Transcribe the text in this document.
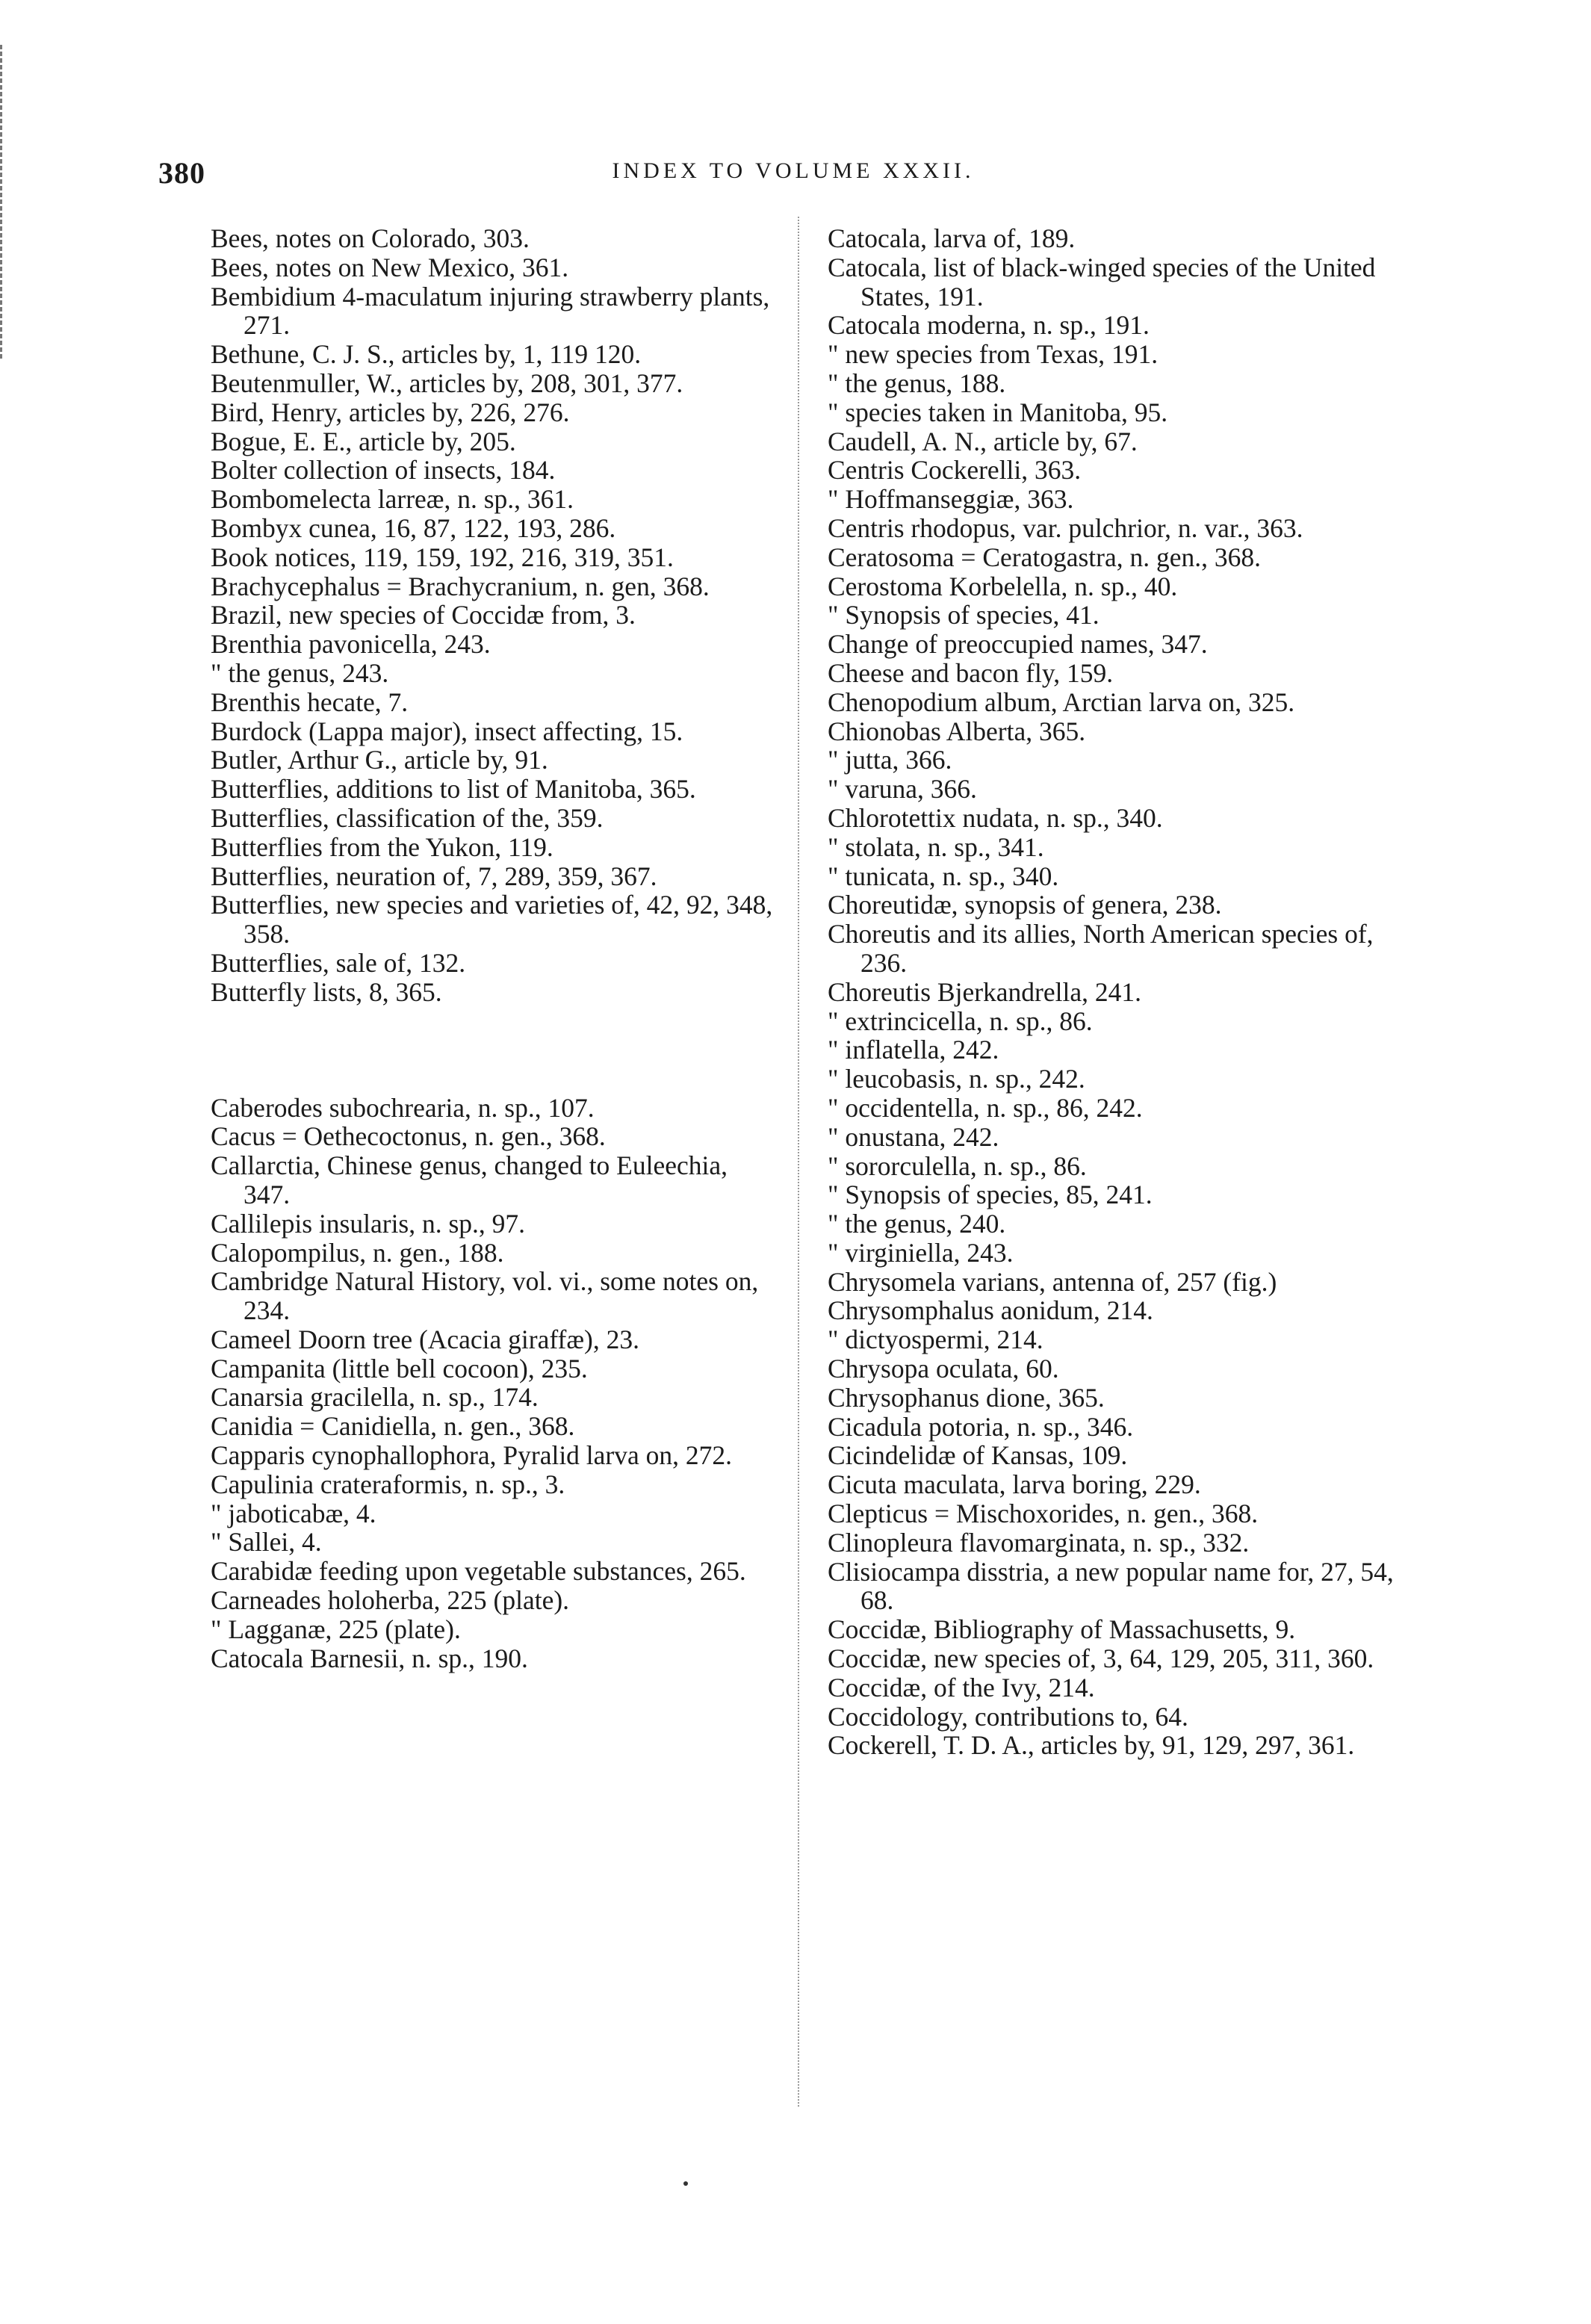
380	INDEX TO VOLUME XXXII.

Bees, notes on Colorado, 303.

Bees, notes on New Mexico, 361.

Bembidium 4-maculatum injuring strawberry plants, 271.

Bethune, C. J. S., articles by, 1, 119 120.

Beutenmuller, W., articles by, 208, 301, 377.

Bird, Henry, articles by, 226, 276.

Bogue, E. E., article by, 205.

Bolter collection of insects, 184.

Bombomelecta larreæ, n. sp., 361.

Bombyx cunea, 16, 87, 122, 193, 286.

Book notices, 119, 159, 192, 216, 319, 351.

Brachycephalus = Brachycranium, n. gen, 368.

Brazil, new species of Coccidæ from, 3.

Brenthia pavonicella, 243.

" the genus, 243.

Brenthis hecate, 7.

Burdock (Lappa major), insect affecting, 15.

Butler, Arthur G., article by, 91.

Butterflies, additions to list of Manitoba, 365.

Butterflies, classification of the, 359.

Butterflies from the Yukon, 119.

Butterflies, neuration of, 7, 289, 359, 367.

Butterflies, new species and varieties of, 42, 92, 348, 358.

Butterflies, sale of, 132.

Butterfly lists, 8, 365.

Caberodes subochrearia, n. sp., 107.

Cacus = Oethecoctonus, n. gen., 368.

Callarctia, Chinese genus, changed to Euleechia, 347.

Callilepis insularis, n. sp., 97.

Calopompilus, n. gen., 188.

Cambridge Natural History, vol. vi., some notes on, 234.

Cameel Doorn tree (Acacia giraffæ), 23.

Campanita (little bell cocoon), 235.

Canarsia gracilella, n. sp., 174.

Canidia = Canidiella, n. gen., 368.

Capparis cynophallophora, Pyralid larva on, 272.

Capulinia crateraformis, n. sp., 3.

" jaboticabæ, 4.

" Sallei, 4.

Carabidæ feeding upon vegetable substances, 265.

Carneades holoherba, 225 (plate).

" Lagganæ, 225 (plate).

Catocala Barnesii, n. sp., 190.

Catocala, larva of, 189.

Catocala, list of black-winged species of the United States, 191.

Catocala moderna, n. sp., 191.

" new species from Texas, 191.

" the genus, 188.

" species taken in Manitoba, 95.

Caudell, A. N., article by, 67.

Centris Cockerelli, 363.

" Hoffmanseggiæ, 363.

Centris rhodopus, var. pulchrior, n. var., 363.

Ceratosoma = Ceratogastra, n. gen., 368.

Cerostoma Korbelella, n. sp., 40.

" Synopsis of species, 41.

Change of preoccupied names, 347.

Cheese and bacon fly, 159.

Chenopodium album, Arctian larva on, 325.

Chionobas Alberta, 365.

" jutta, 366.

" varuna, 366.

Chlorotettix nudata, n. sp., 340.

" stolata, n. sp., 341.

" tunicata, n. sp., 340.

Choreutidæ, synopsis of genera, 238.

Choreutis and its allies, North American species of, 236.

Choreutis Bjerkandrella, 241.

" extrincicella, n. sp., 86.

" inflatella, 242.

" leucobasis, n. sp., 242.

" occidentella, n. sp., 86, 242.

" onustana, 242.

" sororculella, n. sp., 86.

" Synopsis of species, 85, 241.

" the genus, 240.

" virginiella, 243.

Chrysomela varians, antenna of, 257 (fig.)

Chrysomphalus aonidum, 214.

" dictyospermi, 214.

Chrysopa oculata, 60.

Chrysophanus dione, 365.

Cicadula potoria, n. sp., 346.

Cicindelidæ of Kansas, 109.

Cicuta maculata, larva boring, 229.

Clepticus = Mischoxorides, n. gen., 368.

Clinopleura flavomarginata, n. sp., 332.

Clisiocampa disstria, a new popular name for, 27, 54, 68.

Coccidæ, Bibliography of Massachusetts, 9.

Coccidæ, new species of, 3, 64, 129, 205, 311, 360.

Coccidæ, of the Ivy, 214.

Coccidology, contributions to, 64.

Cockerell, T. D. A., articles by, 91, 129, 297, 361.
